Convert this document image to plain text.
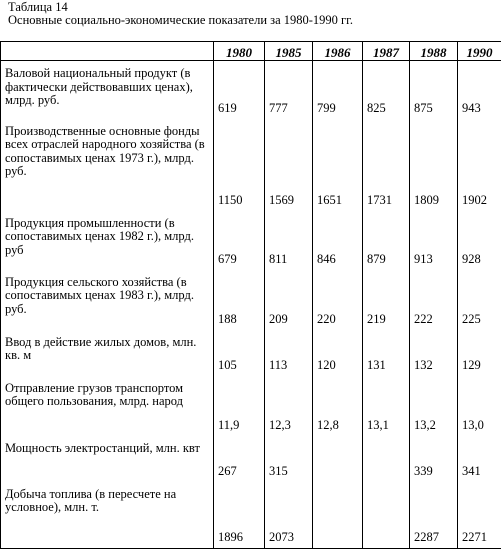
Таблица 14
Основные социально-экономические показатели за 1980-1990 гг.
	1980	1985	1986	1987	1988	1990
Валовой национальный продукт (в фактически действовавших ценах), млрд. руб.	619	777	799	825	875	943
Производственные основные фонды всех отраслей народного хозяйства (в сопоставимых ценах 1973 г.), млрд. руб.	1150	1569	1651	1731	1809	1902
Продукция промышленности (в сопоставимых ценах 1982 г.), млрд. руб	679	811	846	879	913	928
Продукция сельского хозяйства (в сопоставимых ценах 1983 г.), млрд. руб.	188	209	220	219	222	225
Ввод в действие жилых домов, млн. кв. м	105	113	120	131	132	129
Отправление грузов транспортом общего пользования, млрд. народ	11,9	12,3	12,8	13,1	13,2	13,0
Мощность электростанций, млн. квт	267	315			339	341
Добыча топлива (в пересчете на условное), млн. т.	1896	2073			2287	2271
